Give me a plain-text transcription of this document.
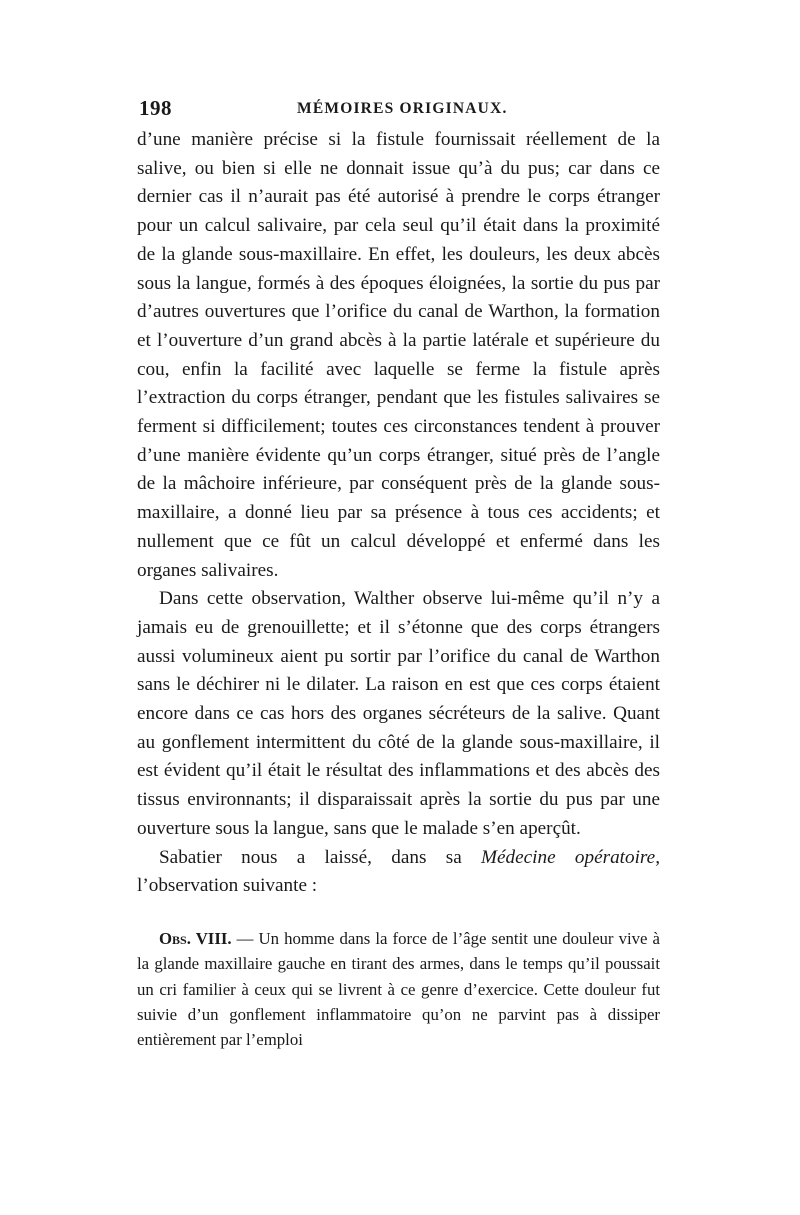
198	MÉMOIRES ORIGINAUX.

d’une manière précise si la fistule fournissait réellement de la salive, ou bien si elle ne donnait issue qu’à du pus; car dans ce dernier cas il n’aurait pas été autorisé à prendre le corps étranger pour un calcul salivaire, par cela seul qu’il était dans la proximité de la glande sous-maxillaire. En effet, les douleurs, les deux abcès sous la langue, formés à des époques éloignées, la sortie du pus par d’autres ouvertures que l’orifice du canal de Warthon, la formation et l’ouverture d’un grand abcès à la partie latérale et supérieure du cou, enfin la facilité avec laquelle se ferme la fistule après l’extraction du corps étranger, pendant que les fistules salivaires se ferment si difficilement; toutes ces circonstances tendent à prouver d’une manière évidente qu’un corps étranger, situé près de l’angle de la mâchoire inférieure, par conséquent près de la glande sous-maxillaire, a donné lieu par sa présence à tous ces accidents; et nullement que ce fût un calcul développé et enfermé dans les organes salivaires.

Dans cette observation, Walther observe lui-même qu’il n’y a jamais eu de grenouillette; et il s’étonne que des corps étrangers aussi volumineux aient pu sortir par l’orifice du canal de Warthon sans le déchirer ni le dilater. La raison en est que ces corps étaient encore dans ce cas hors des organes sécréteurs de la salive. Quant au gonflement intermittent du côté de la glande sous-maxillaire, il est évident qu’il était le résultat des inflammations et des abcès des tissus environnants; il disparaissait après la sortie du pus par une ouverture sous la langue, sans que le malade s’en aperçût.

Sabatier nous a laissé, dans sa Médecine opératoire, l’observation suivante :

Obs. VIII. — Un homme dans la force de l’âge sentit une douleur vive à la glande maxillaire gauche en tirant des armes, dans le temps qu’il poussait un cri familier à ceux qui se livrent à ce genre d’exercice. Cette douleur fut suivie d’un gonflement inflammatoire qu’on ne parvint pas à dissiper entièrement par l’emploi
